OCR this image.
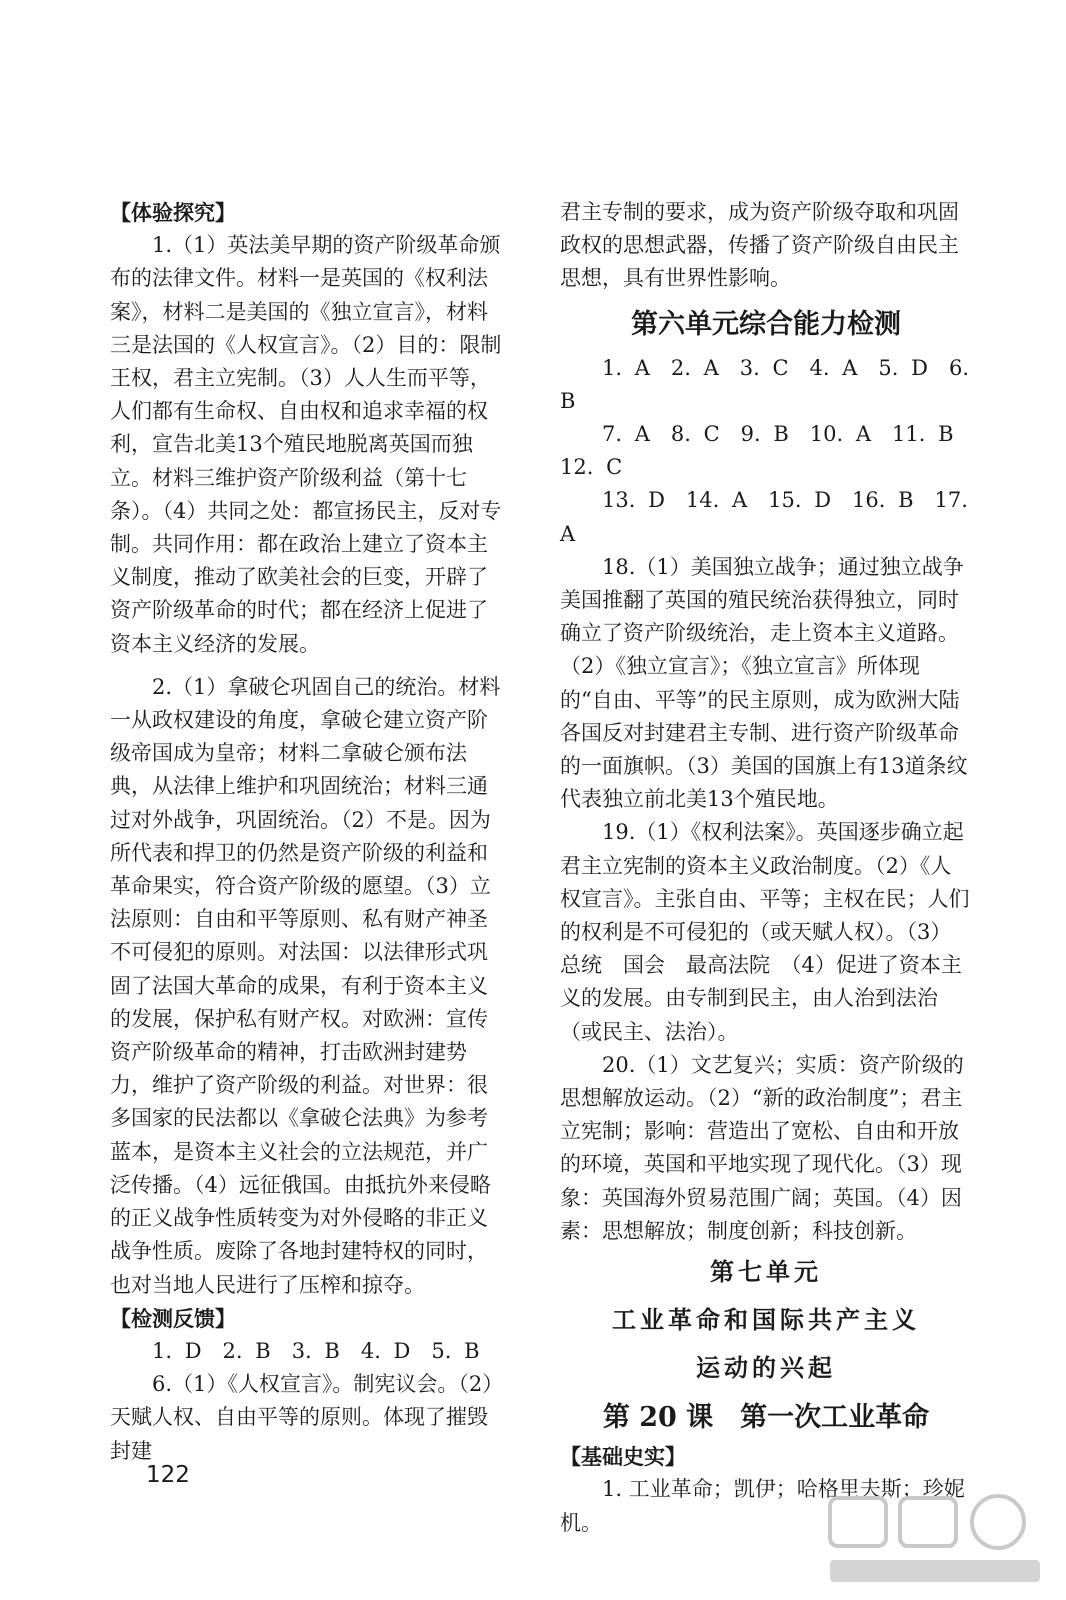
【体验探究】

1.（1）英法美早期的资产阶级革命颁布的法律文件。材料一是英国的《权利法案》，材料二是美国的《独立宣言》，材料三是法国的《人权宣言》。（2）目的：限制王权，君主立宪制。（3）人人生而平等，人们都有生命权、自由权和追求幸福的权利，宣告北美13个殖民地脱离英国而独立。材料三维护资产阶级利益（第十七条）。（4）共同之处：都宣扬民主，反对专制。共同作用：都在政治上建立了资本主义制度，推动了欧美社会的巨变，开辟了资产阶级革命的时代；都在经济上促进了资本主义经济的发展。

2.（1）拿破仑巩固自己的统治。材料一从政权建设的角度，拿破仑建立资产阶级帝国成为皇帝；材料二拿破仑颁布法典，从法律上维护和巩固统治；材料三通过对外战争，巩固统治。（2）不是。因为所代表和捍卫的仍然是资产阶级的利益和革命果实，符合资产阶级的愿望。（3）立法原则：自由和平等原则、私有财产神圣不可侵犯的原则。对法国：以法律形式巩固了法国大革命的成果，有利于资本主义的发展，保护私有财产权。对欧洲：宣传资产阶级革命的精神，打击欧洲封建势力，维护了资产阶级的利益。对世界：很多国家的民法都以《拿破仑法典》为参考蓝本，是资本主义社会的立法规范，并广泛传播。（4）远征俄国。由抵抗外来侵略的正义战争性质转变为对外侵略的非正义战争性质。废除了各地封建特权的同时，也对当地人民进行了压榨和掠夺。

【检测反馈】

1. D　2. B　3. B　4. D　5. B

6.（1）《人权宣言》。制宪议会。（2）天赋人权、自由平等的原则。体现了摧毁封建

君主专制的要求，成为资产阶级夺取和巩固政权的思想武器，传播了资产阶级自由民主思想，具有世界性影响。

第六单元综合能力检测

1. A　2. A　3. C　4. A　5. D　6. B

7. A　8. C　9. B　10. A　11. B　12. C

13. D　14. A　15. D　16. B　17. A

18.（1）美国独立战争；通过独立战争美国推翻了英国的殖民统治获得独立，同时确立了资产阶级统治，走上资本主义道路。（2）《独立宣言》；《独立宣言》所体现的“自由、平等”的民主原则，成为欧洲大陆各国反对封建君主专制、进行资产阶级革命的一面旗帜。（3）美国的国旗上有13道条纹代表独立前北美13个殖民地。

19.（1）《权利法案》。英国逐步确立起君主立宪制的资本主义政治制度。（2）《人权宣言》。主张自由、平等；主权在民；人们的权利是不可侵犯的（或天赋人权）。（3）总统　国会　最高法院　（4）促进了资本主义的发展。由专制到民主，由人治到法治（或民主、法治）。

20.（1）文艺复兴；实质：资产阶级的思想解放运动。（2）“新的政治制度”；君主立宪制；影响：营造出了宽松、自由和开放的环境，英国和平地实现了现代化。（3）现象：英国海外贸易范围广阔；英国。（4）因素：思想解放；制度创新；科技创新。

第七单元

工业革命和国际共产主义

运动的兴起

第 20 课　第一次工业革命

【基础史实】

1. 工业革命；凯伊；哈格里夫斯；珍妮机。

122
